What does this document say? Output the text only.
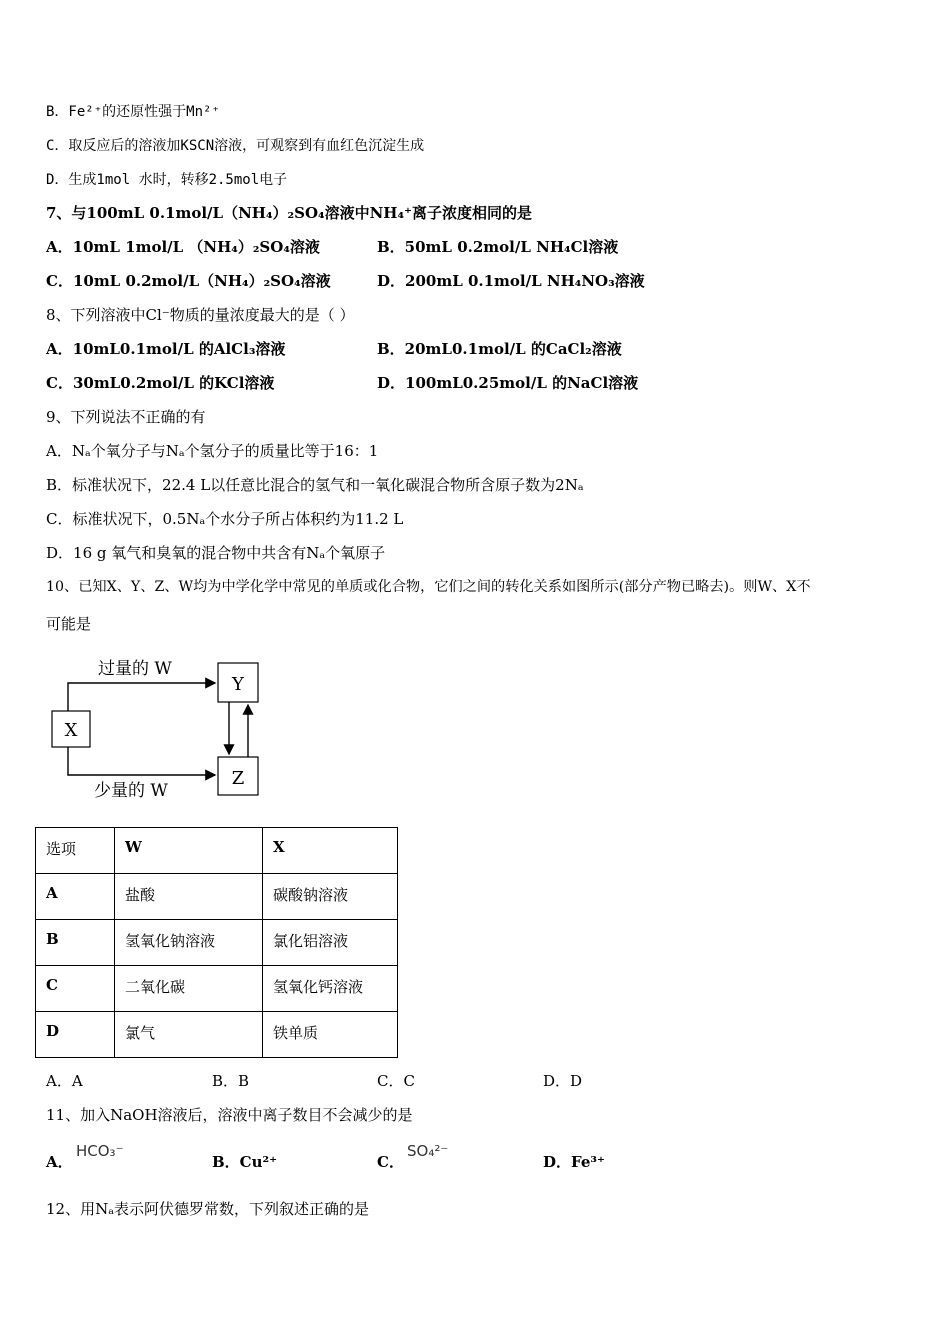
B．Fe²⁺的还原性强于Mn²⁺
C．取反应后的溶液加KSCN溶液，可观察到有血红色沉淀生成
D．生成1mol 水时，转移2.5mol电子
7、与100mL 0.1mol/L（NH₄）₂SO₄溶液中NH₄⁺离子浓度相同的是
A．10mL 1mol/L （NH₄）₂SO₄溶液	B．50mL 0.2mol/L NH₄Cl溶液
C．10mL 0.2mol/L（NH₄）₂SO₄溶液	D．200mL 0.1mol/L NH₄NO₃溶液
8、下列溶液中Cl⁻物质的量浓度最大的是（ ）
A．10mL0.1mol/L 的AlCl₃溶液	B．20mL0.1mol/L 的CaCl₂溶液
C．30mL0.2mol/L 的KCl溶液	D．100mL0.25mol/L 的NaCl溶液
9、下列说法不正确的有
A．Nₐ个氧分子与Nₐ个氢分子的质量比等于16：1
B．标准状况下，22.4 L以任意比混合的氢气和一氧化碳混合物所含原子数为2Nₐ
C．标准状况下，0.5Nₐ个水分子所占体积约为11.2 L
D．16 g 氧气和臭氧的混合物中共含有Nₐ个氧原子
10、已知X、Y、Z、W均为中学化学中常见的单质或化合物，它们之间的转化关系如图所示(部分产物已略去)。则W、X不
可能是
X
Y
Z
过量的 W
少量的 W
选项	W	X
A	盐酸	碳酸钠溶液
B	氢氧化钠溶液	氯化铝溶液
C	二氧化碳	氢氧化钙溶液
D	氯气	铁单质
A．A	B．B	C．C	D．D
11、加入NaOH溶液后，溶液中离子数目不会减少的是
A．
HCO₃⁻
B．Cu²⁺	C．
SO₄²⁻
D．Fe³⁺
12、用Nₐ表示阿伏德罗常数，下列叙述正确的是
